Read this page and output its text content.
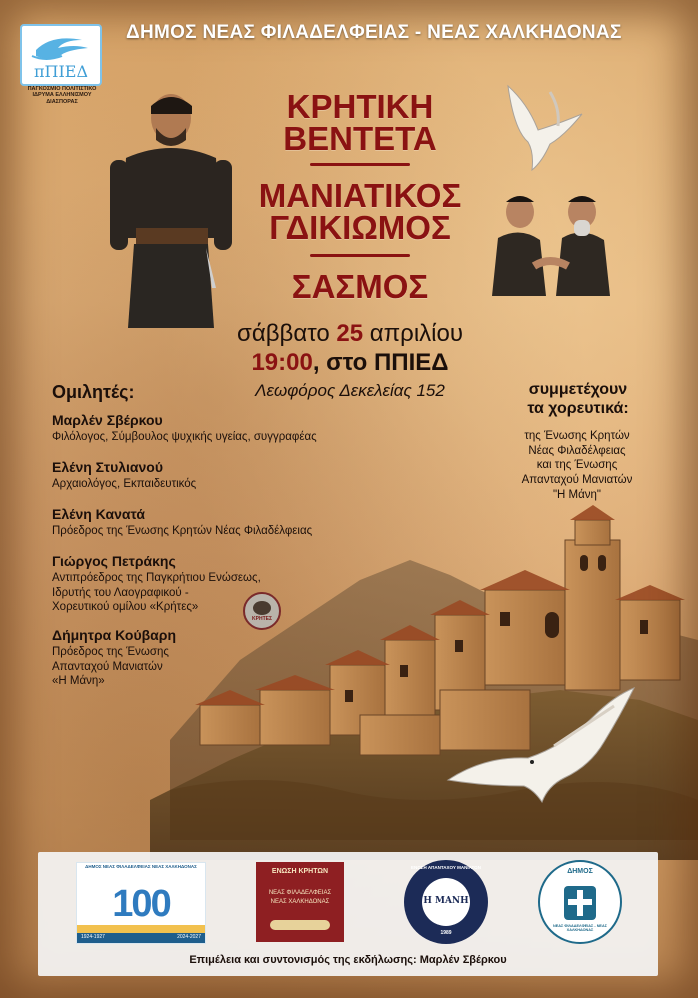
πΠΙΕΔ
ΠΑΓΚΟΣΜΙΟ ΠΟΛΙΤΙΣΤΙΚΟ ΙΔΡΥΜΑ ΕΛΛΗΝΙΣΜΟΥ ΔΙΑΣΠΟΡΑΣ
ΔΗΜΟΣ ΝΕΑΣ ΦΙΛΑΔΕΛΦΕΙΑΣ - ΝΕΑΣ ΧΑΛΚΗΔΟΝΑΣ
ΚΡΗΤΙΚΗ
ΒΕΝΤΕΤΑ
ΜΑΝΙΑΤΙΚΟΣ
ΓΔΙΚΙΩΜΟΣ
ΣΑΣΜΟΣ
σάββατο 25 απριλίου
19:00, στο ΠΠΙΕΔ
Λεωφόρος Δεκελείας 152
Ομιλητές:
Μαρλέν Σβέρκου
Φιλόλογος, Σύμβουλος ψυχικής υγείας, συγγραφέας
Ελένη Στυλιανού
Αρχαιολόγος, Εκπαιδευτικός
Ελένη Κανατά
Πρόεδρος της Ένωσης Κρητών Νέας Φιλαδέλφειας
Γιώργος Πετράκης
Αντιπρόεδρος της Παγκρήτιου Ενώσεως,
Ιδρυτής του Λαογραφικού -
Χορευτικού ομίλου «Κρήτες»
Δήμητρα Κούβαρη
Πρόεδρος της Ένωσης
Απανταχού Μανιατών
«Η Μάνη»
ΚΡΗΤΕΣ
συμμετέχουν
τα χορευτικά:
της Ένωσης Κρητών
Νέας Φιλαδέλφειας
και της Ένωσης
Απανταχού Μανιατών
"Η Μάνη"
ΔΗΜΟΣ ΝΕΑΣ ΦΙΛΑΔΕΛΦΕΙΑΣ ΝΕΑΣ ΧΑΛΚΗΔΟΝΑΣ
100
1924-1927	2024-2027
ΕΝΩΣΗ ΚΡΗΤΩΝ
ΝΕΑΣ ΦΙΛΑΔΕΛΦΕΙΑΣ
ΝΕΑΣ ΧΑΛΚΗΔΟΝΑΣ	Η ΜΑΝΗ
ΕΝΩΣΗ ΑΠΑΝΤΑΧΟΥ ΜΑΝΙΑΤΩΝ
1989
ΔΗΜΟΣ
ΝΕΑΣ ΦΙΛΑΔΕΛΦΕΙΑΣ - ΝΕΑΣ ΧΑΛΚΗΔΟΝΑΣ
Επιμέλεια και συντονισμός της εκδήλωσης: Μαρλέν Σβέρκου
